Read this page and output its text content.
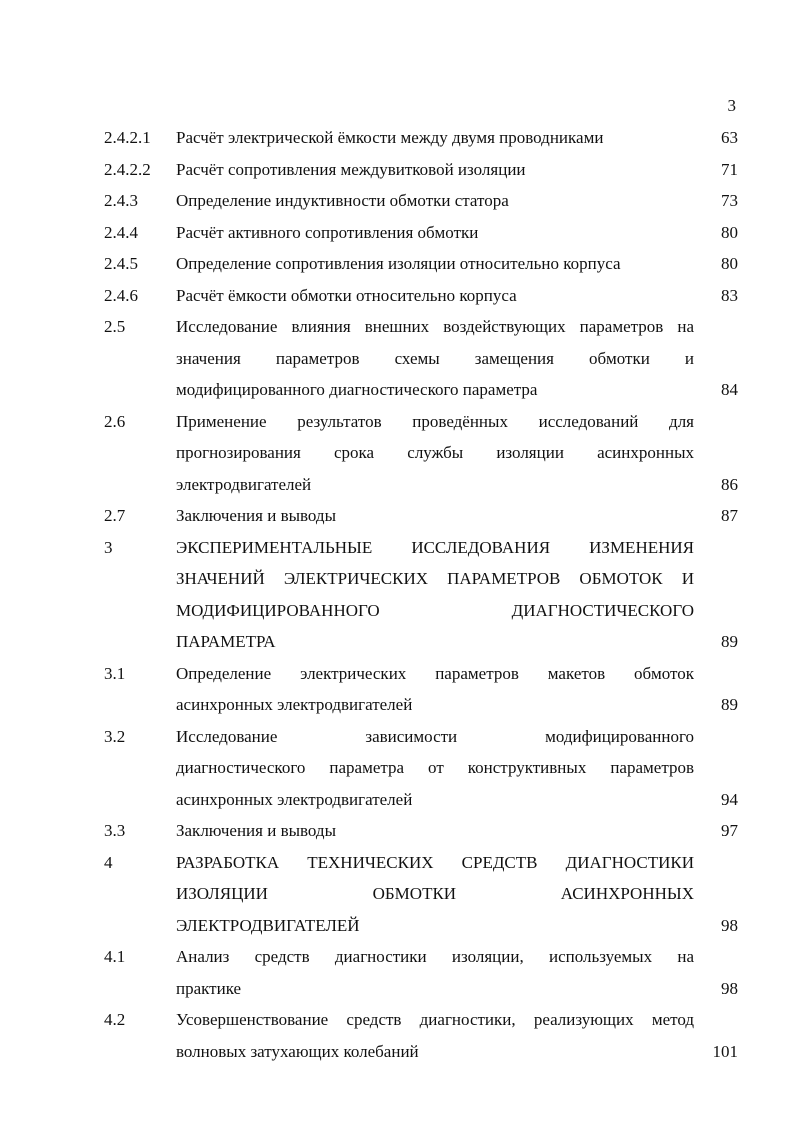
3
2.4.2.1	Расчёт электрической ёмкости между двумя проводниками	63
2.4.2.2	Расчёт сопротивления междувитковой изоляции	71
2.4.3	Определение индуктивности обмотки статора	73
2.4.4	Расчёт активного сопротивления обмотки	80
2.4.5	Определение сопротивления изоляции относительно корпуса	80
2.4.6	Расчёт ёмкости обмотки относительно корпуса	83
2.5	Исследование влияния внешних воздействующих параметров на
значения параметров схемы замещения обмотки и
модифицированного диагностического параметра	84
2.6	Применение результатов проведённых исследований для
прогнозирования срока службы изоляции асинхронных
электродвигателей	86
2.7	Заключения и выводы	87
3	ЭКСПЕРИМЕНТАЛЬНЫЕ ИССЛЕДОВАНИЯ ИЗМЕНЕНИЯ
ЗНАЧЕНИЙ ЭЛЕКТРИЧЕСКИХ ПАРАМЕТРОВ ОБМОТОК И
МОДИФИЦИРОВАННОГО ДИАГНОСТИЧЕСКОГО
ПАРАМЕТРА	89
3.1	Определение электрических параметров макетов обмоток
асинхронных электродвигателей	89
3.2	Исследование зависимости модифицированного
диагностического параметра от конструктивных параметров
асинхронных электродвигателей	94
3.3	Заключения и выводы	97
4	РАЗРАБОТКА ТЕХНИЧЕСКИХ СРЕДСТВ ДИАГНОСТИКИ
ИЗОЛЯЦИИ ОБМОТКИ АСИНХРОННЫХ
ЭЛЕКТРОДВИГАТЕЛЕЙ	98
4.1	Анализ средств диагностики изоляции, используемых на
практике	98
4.2	Усовершенствование средств диагностики, реализующих метод
волновых затухающих колебаний	101
